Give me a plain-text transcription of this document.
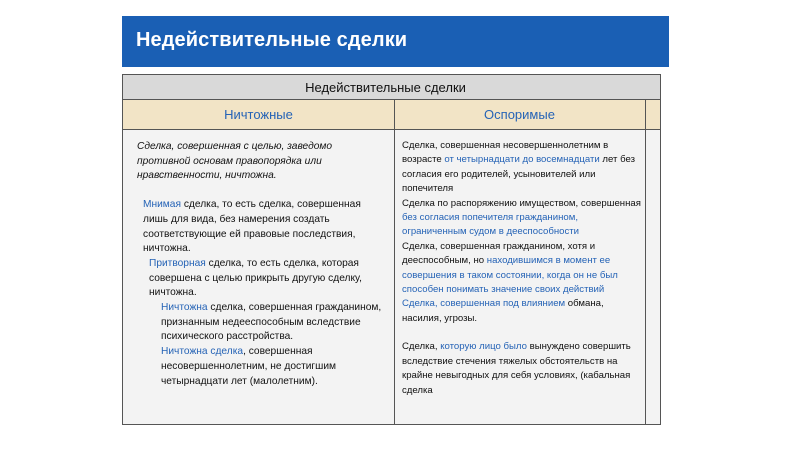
Недействительные сделки
Недействительные сделки
Ничтожные	Оспоримые

Сделка, совершенная с целью, заведомо противной основам правопорядка или нравственности, ничтожна.

Мнимая сделка, то есть сделка, совершенная лишь для вида, без намерения создать соответствующие ей правовые последствия, ничтожна.

Притворная сделка, то есть сделка, которая совершена с целью прикрыть другую сделку, ничтожна.

Ничтожна сделка, совершенная гражданином, признанным недееспособным вследствие психического расстройства.

Ничтожна сделка, совершенная несовершеннолетним, не достигшим четырнадцати лет (малолетним).

Сделка, совершенная несовершеннолетним в возрасте от четырнадцати до восемнадцати лет без согласия его родителей, усыновителей или попечителя

Сделка по распоряжению имуществом, совершенная без согласия попечителя гражданином, ограниченным судом в дееспособности

Сделка, совершенная гражданином, хотя и дееспособным, но находившимся в момент ее совершения в таком состоянии, когда он не был способен понимать значение своих действий

Сделка, совершенная под влиянием обмана, насилия, угрозы.

Сделка, которую лицо было вынуждено совершить вследствие стечения тяжелых обстоятельств на крайне невыгодных для себя условиях, (кабальная сделка
